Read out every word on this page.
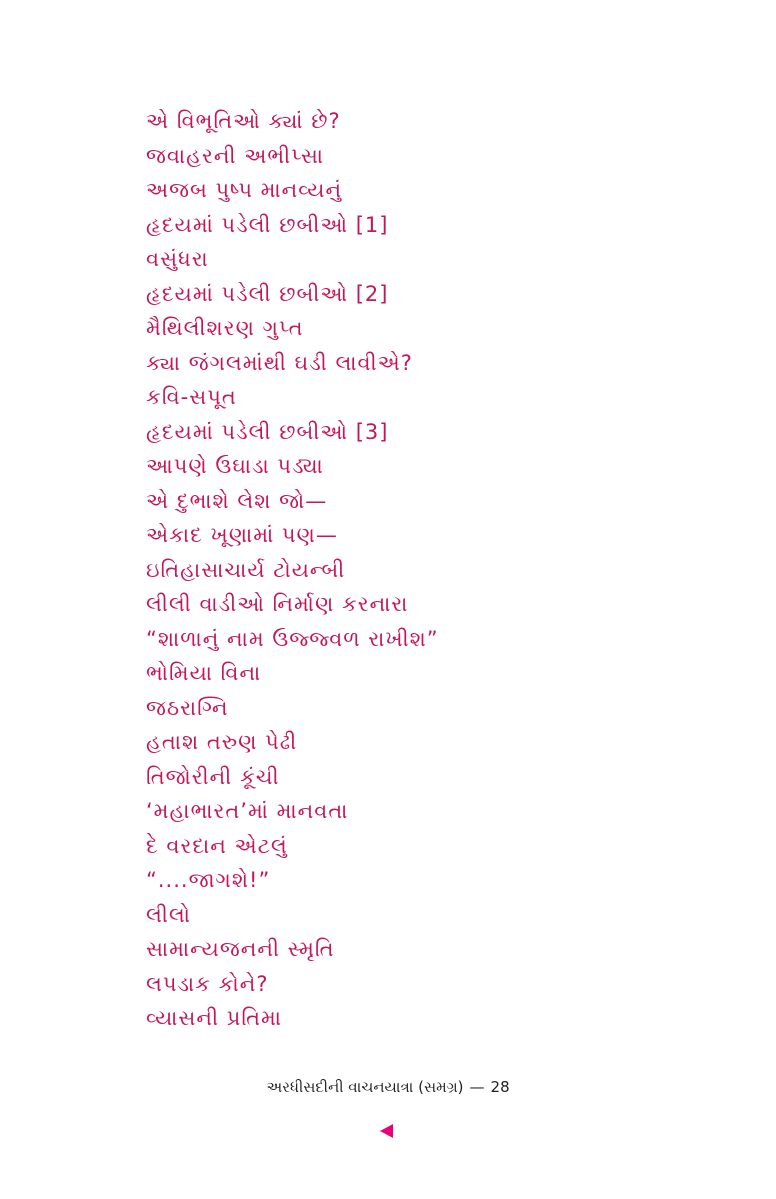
એ વિભૂતિઓ ક્યાં છે?
જવાહરની અભીપ્સા
અજબ પુષ્પ માનવ્યનું
હૃદયમાં પડેલી છબીઓ [1]
વસુંધરા
હૃદયમાં પડેલી છબીઓ [2]
મૈથિલીશરણ ગુપ્ત
ક્યા જંગલમાંથી ઘડી લાવીએ?
કવિ-સપૂત
હૃદયમાં પડેલી છબીઓ [3]
આપણે ઉઘાડા પડ્યા
એ દુભાશે લેશ જો—
એકાદ ખૂણામાં પણ—
ઇતિહાસાચાર્ય ટોયન્બી
લીલી વાડીઓ નિર્માણ કરનારા
“શાળાનું નામ ઉજ્જ્વળ રાખીશ”
ભોમિયા વિના
જઠરાગ્નિ
હતાશ તરુણ પેઢી
તિજોરીની કૂંચી
‘મહાભારત’માં માનવતા
દે વરદાન એટલું
“....જાગશે!”
લીલો
સામાન્યજનની સ્મૃતિ
લપડાક કોને?
વ્યાસની પ્રતિમા
અરધીસદીની વાચનયાત્રા (સમગ્ર) — 28
